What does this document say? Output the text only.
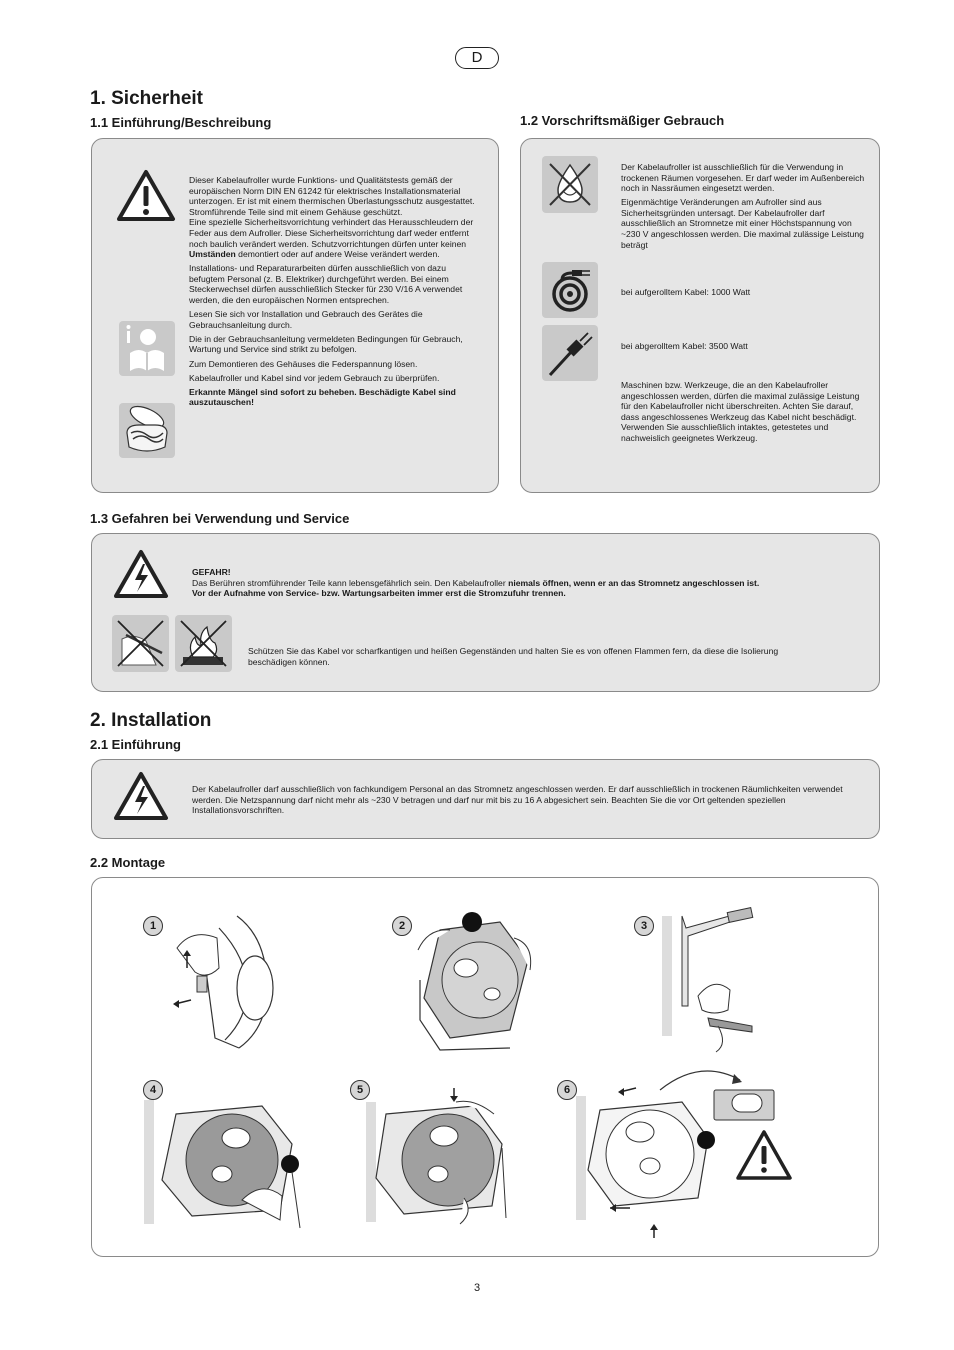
D
1. Sicherheit
1.1 Einführung/Beschreibung	1.2 Vorschriftsmäßiger Gebrauch

Dieser Kabelaufroller wurde Funktions- und Qualitätstests gemäß der europäischen Norm DIN EN 61242 für elektrisches Installationsmaterial unterzogen. Er ist mit einem thermischen Überlastungsschutz ausgestattet. Stromführende Teile sind mit einem Gehäuse geschützt.

Eine spezielle Sicherheitsvorrichtung verhindert das Herausschleudern der Feder aus dem Aufroller. Diese Sicherheitsvorrichtung darf weder entfernt noch baulich verändert werden. Schutzvorrichtungen dürfen unter keinen Umständen demontiert oder auf andere Weise verändert werden.

Installations- und Reparaturarbeiten dürfen ausschließlich von dazu befugtem Personal (z. B. Elektriker) durchgeführt werden. Bei einem Steckerwechsel dürfen ausschließlich Stecker für 230 V/16 A verwendet werden, die den europäischen Normen entsprechen.

Lesen Sie sich vor Installation und Gebrauch des Gerätes die Gebrauchsanleitung durch.

Die in der Gebrauchsanleitung vermeldeten Bedingungen für Gebrauch, Wartung und Service sind strikt zu befolgen.

Zum Demontieren des Gehäuses die Federspannung lösen.

Kabelaufroller und Kabel sind vor jedem Gebrauch zu überprüfen.

Erkannte Mängel sind sofort zu beheben. Beschädigte Kabel sind auszutauschen!

Der Kabelaufroller ist ausschließlich für die Verwendung in trockenen Räumen vorgesehen. Er darf weder im Außenbereich noch in Nassräumen eingesetzt werden.

Eigenmächtige Veränderungen am Aufroller sind aus Sicherheitsgründen untersagt. Der Kabelaufroller darf ausschließlich an Stromnetze mit einer Höchstspannung von ~230 V angeschlossen werden. Die maximal zulässige Leistung beträgt

bei aufgerolltem Kabel: 1000 Watt
bei abgerolltem Kabel: 3500 Watt
Maschinen bzw. Werkzeuge, die an den Kabelaufroller angeschlossen werden, dürfen die maximal zulässige Leistung für den Kabelaufroller nicht überschreiten. Achten Sie darauf, dass angeschlossenes Werkzeug das Kabel nicht beschädigt. Verwenden Sie ausschließlich intaktes, getestetes und nachweislich geeignetes Werkzeug.
1.3 Gefahren bei Verwendung und Service
GEFAHR!
Das Berühren stromführender Teile kann lebensgefährlich sein. Den Kabelaufroller niemals öffnen, wenn er an das Stromnetz angeschlossen ist.
Vor der Aufnahme von Service- bzw. Wartungsarbeiten immer erst die Stromzufuhr trennen.
Schützen Sie das Kabel vor scharfkantigen und heißen Gegenständen und halten Sie es von offenen Flammen fern, da diese die Isolierung beschädigen können.
2. Installation
2.1 Einführung
Der Kabelaufroller darf ausschließlich von fachkundigem Personal an das Stromnetz angeschlossen werden. Er darf ausschließlich in trockenen Räumlichkeiten verwendet werden. Die Netzspannung darf nicht mehr als ~230 V betragen und darf nur mit bis zu 16 A abgesichert sein. Beachten Sie die vor Ort geltenden speziellen Installationsvorschriften.
2.2 Montage
1	2	3
4	5	6
3
